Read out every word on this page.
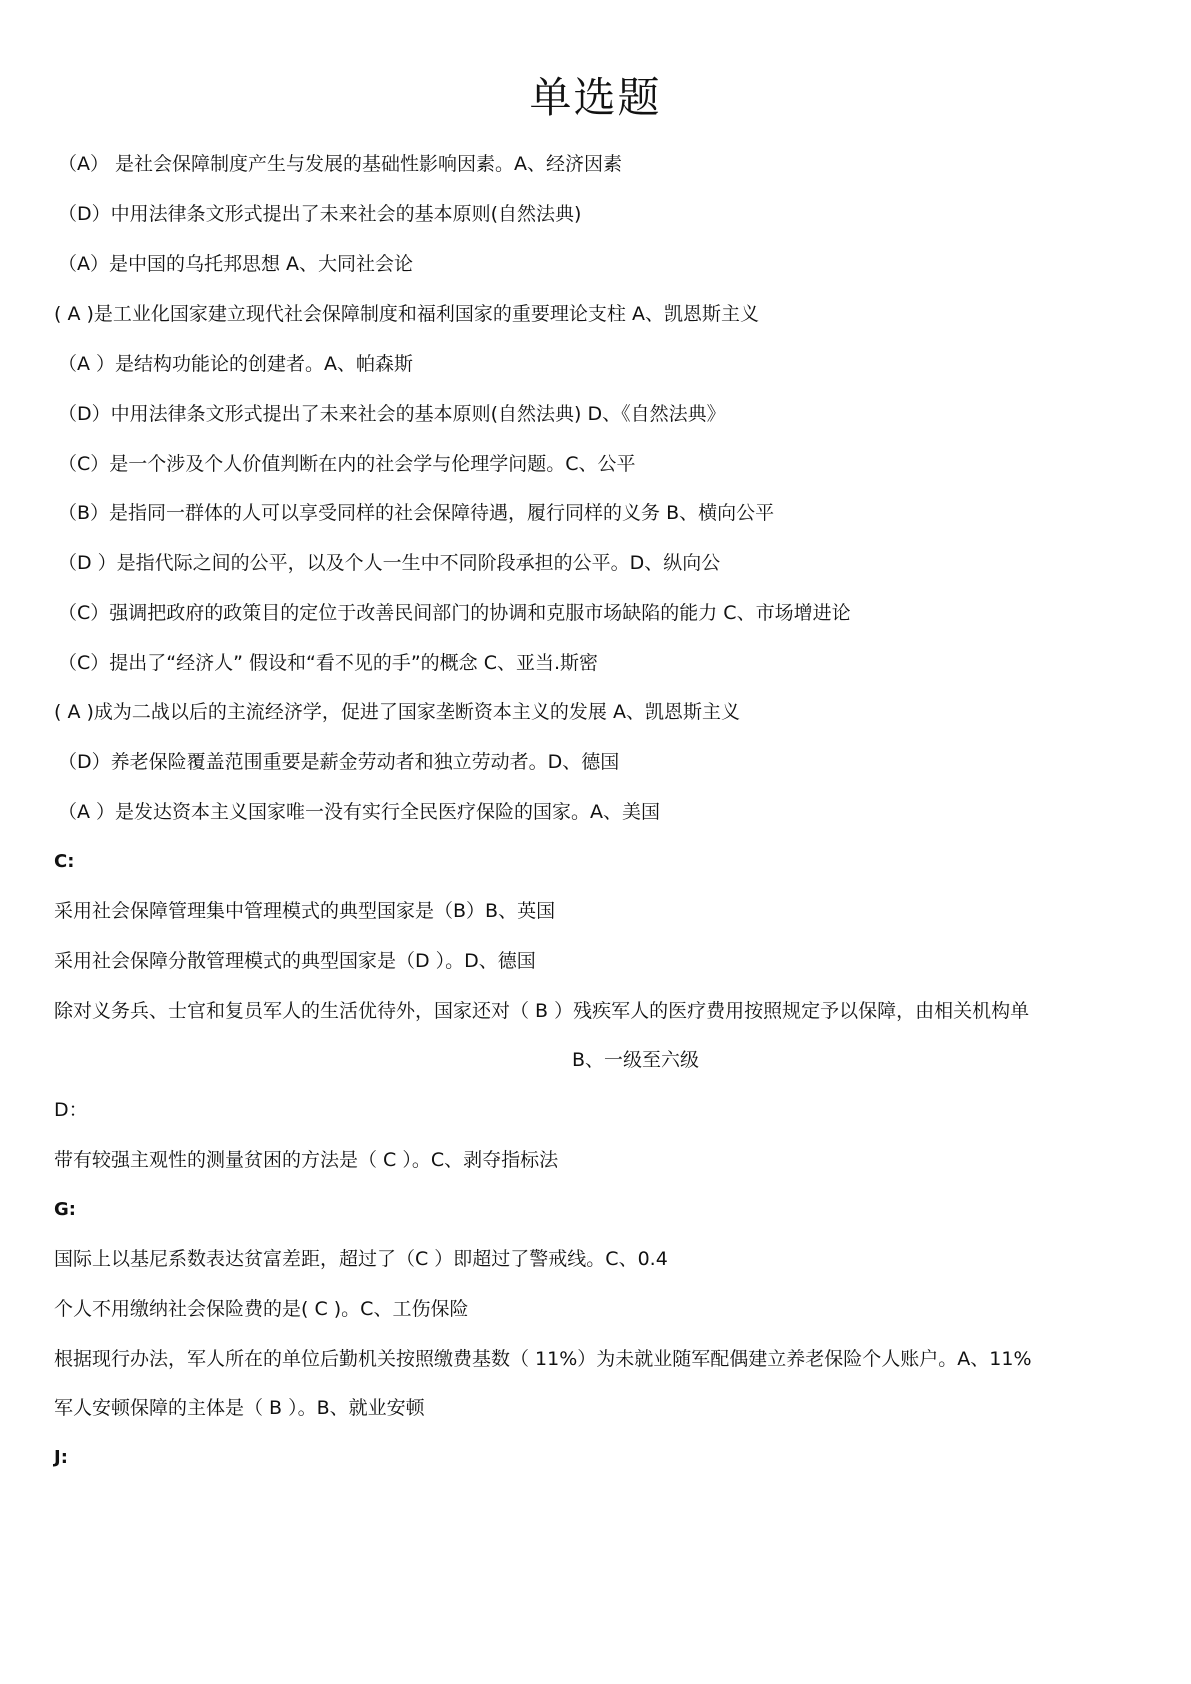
单选题
（A） 是社会保障制度产生与发展的基础性影响因素。A、经济因素
（D）中用法律条文形式提出了未来社会的基本原则(自然法典)
（A）是中国的乌托邦思想 A、大同社会论
( A )是工业化国家建立现代社会保障制度和福利国家的重要理论支柱 A、凯恩斯主义
（A ）是结构功能论的创建者。A、帕森斯
（D）中用法律条文形式提出了未来社会的基本原则(自然法典) D、《自然法典》
（C）是一个涉及个人价值判断在内的社会学与伦理学问题。C、公平
（B）是指同一群体的人可以享受同样的社会保障待遇，履行同样的义务 B、横向公平
（D ）是指代际之间的公平，以及个人一生中不同阶段承担的公平。D、纵向公
（C）强调把政府的政策目的定位于改善民间部门的协调和克服市场缺陷的能力 C、市场增进论
（C）提出了“经济人” 假设和“看不见的手”的概念 C、亚当.斯密
( A )成为二战以后的主流经济学，促进了国家垄断资本主义的发展 A、凯恩斯主义
（D）养老保险覆盖范围重要是薪金劳动者和独立劳动者。D、德国
（A ）是发达资本主义国家唯一没有实行全民医疗保险的国家。A、美国
C:
采用社会保障管理集中管理模式的典型国家是（B）B、英国
采用社会保障分散管理模式的典型国家是（D ）。D、德国
除对义务兵、士官和复员军人的生活优待外，国家还对（ B ）残疾军人的医疗费用按照规定予以保障，由相关机构单
B、一级至六级
D：
带有较强主观性的测量贫困的方法是（ C ）。C、剥夺指标法
G:
国际上以基尼系数表达贫富差距，超过了（C ）即超过了警戒线。C、0.4
个人不用缴纳社会保险费的是( C )。C、工伤保险
根据现行办法，军人所在的单位后勤机关按照缴费基数（ 11%）为未就业随军配偶建立养老保险个人账户。A、11%
军人安顿保障的主体是（ B ）。B、就业安顿
J:
